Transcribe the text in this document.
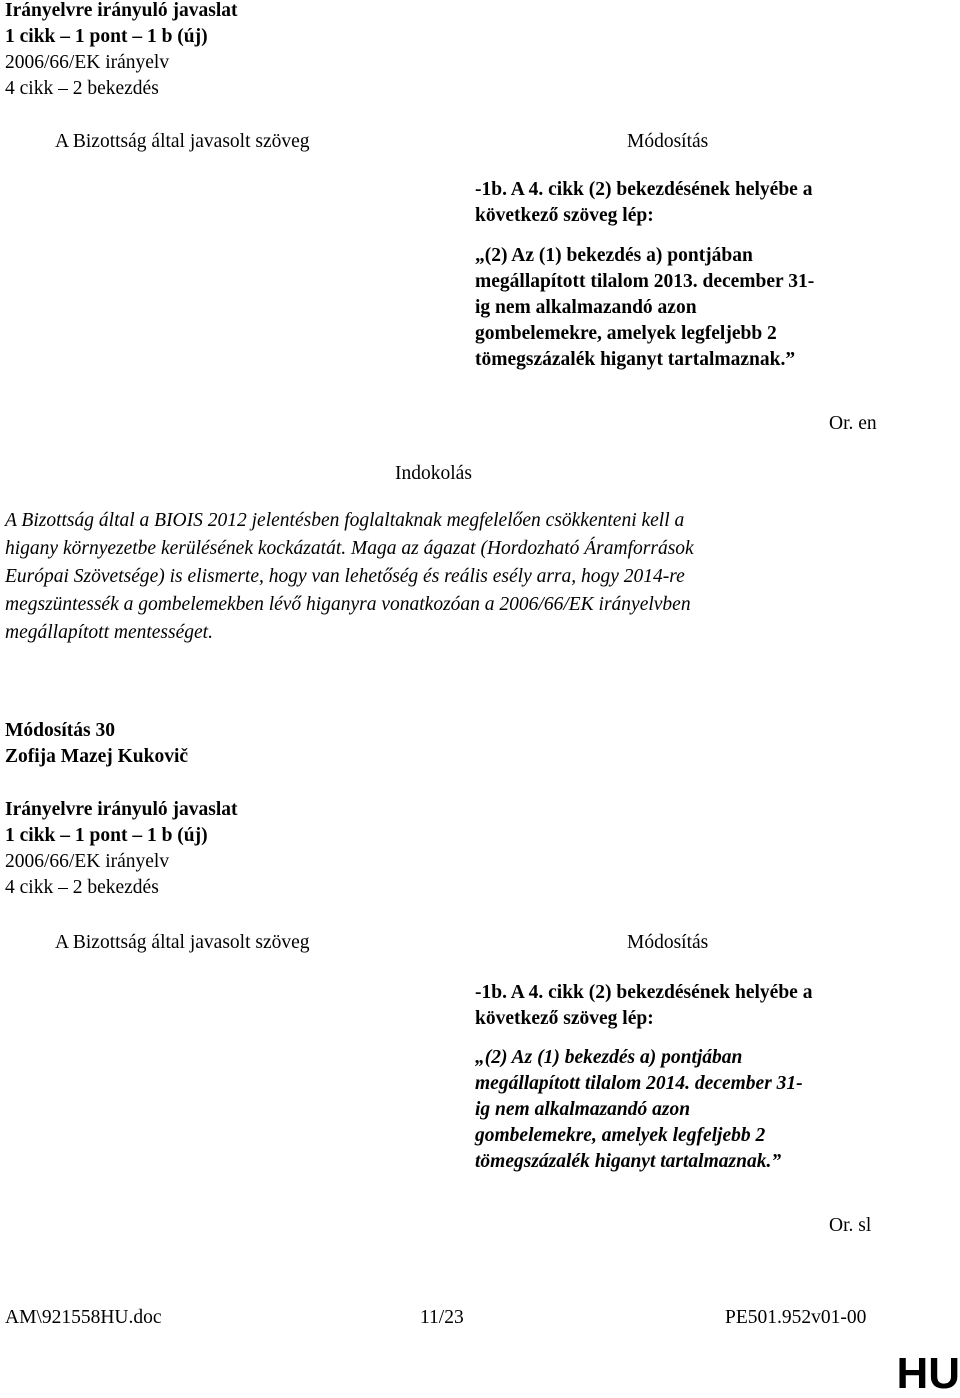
Irányelvre irányuló javaslat
1 cikk – 1 pont – 1 b (új)
2006/66/EK irányelv
4 cikk – 2 bekezdés
A Bizottság által javasolt szöveg	Módosítás
-1b. A 4. cikk (2) bekezdésének helyébe a
következő szöveg lép:
„(2) Az (1) bekezdés a) pontjában
megállapított tilalom 2013. december 31-
ig nem alkalmazandó azon
gombelemekre, amelyek legfeljebb 2
tömegszázalék higanyt tartalmaznak.”
Or. en
Indokolás
A Bizottság által a BIOIS 2012 jelentésben foglaltaknak megfelelően csökkenteni kell a
higany környezetbe kerülésének kockázatát. Maga az ágazat (Hordozható Áramforrások
Európai Szövetsége) is elismerte, hogy van lehetőség és reális esély arra, hogy 2014-re
megszüntessék a gombelemekben lévő higanyra vonatkozóan a 2006/66/EK irányelvben
megállapított mentességet.
Módosítás 30
Zofija Mazej Kukovič
Irányelvre irányuló javaslat
1 cikk – 1 pont – 1 b (új)
2006/66/EK irányelv
4 cikk – 2 bekezdés
A Bizottság által javasolt szöveg	Módosítás
-1b. A 4. cikk (2) bekezdésének helyébe a
következő szöveg lép:
„(2) Az (1) bekezdés a) pontjában
megállapított tilalom 2014. december 31-
ig nem alkalmazandó azon
gombelemekre, amelyek legfeljebb 2
tömegszázalék higanyt tartalmaznak.”
Or. sl
AM\921558HU.doc	11/23	PE501.952v01-00
HU
